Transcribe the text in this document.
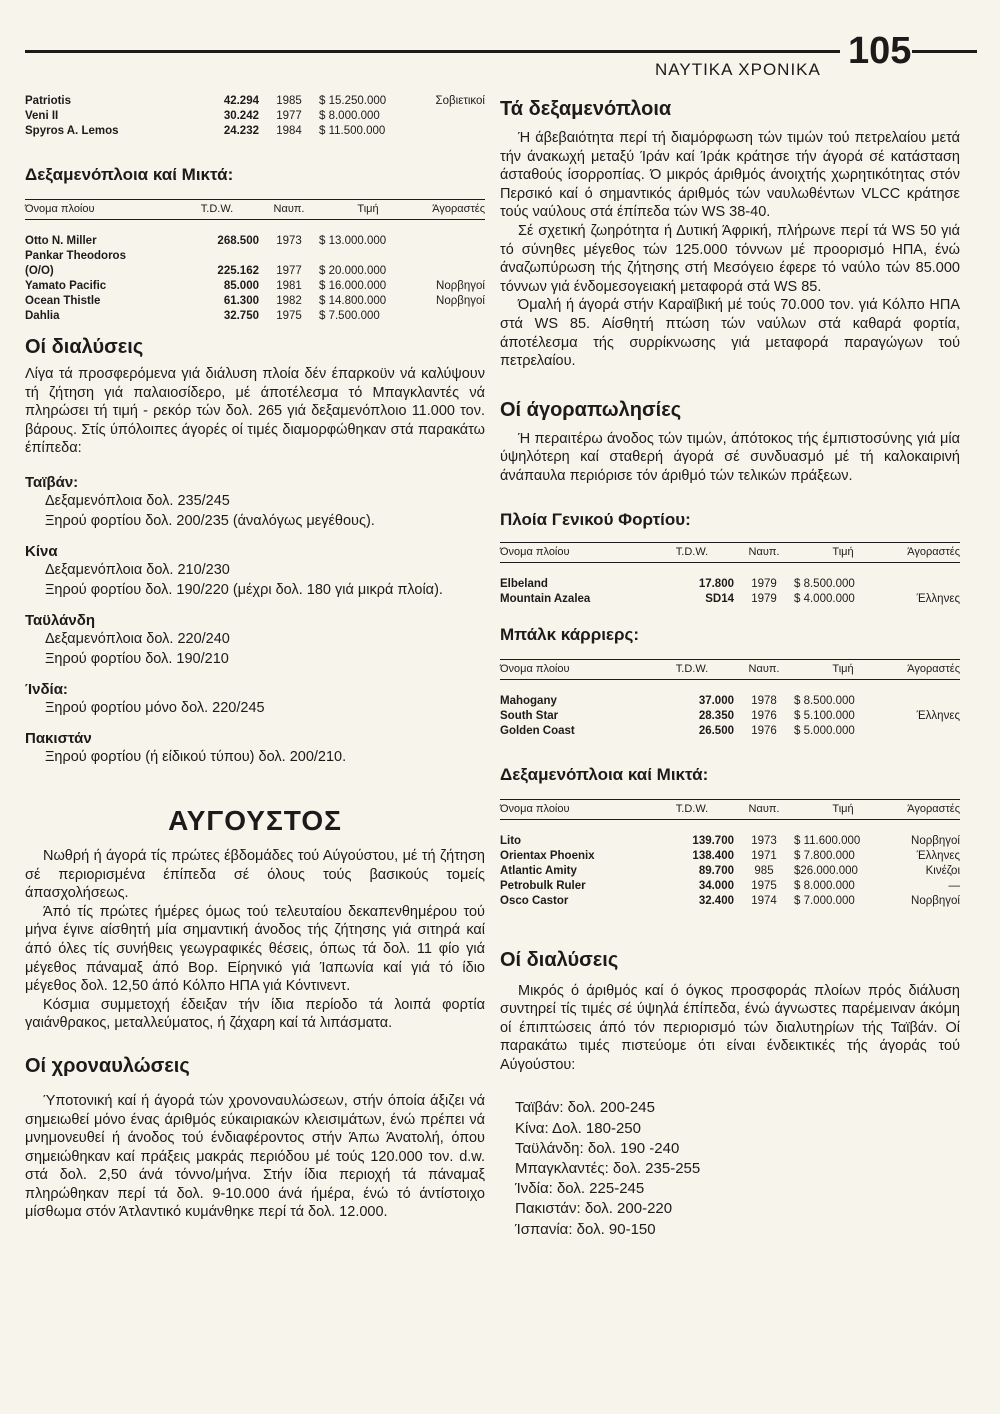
ΝΑΥΤΙΚΑ ΧΡΟΝΙΚΑ 105
Patriotis	42.294	1985	$ 15.250.000	Σοβιετικοί
Veni II	30.242	1977	$ 8.000.000	
Spyros A. Lemos	24.232	1984	$ 11.500.000	
Δεξαμενόπλοια καί Μικτά:
Όνομα πλοίου	T.D.W.	Ναυπ.	Τιμή	Άγοραστές

Otto N. Miller	268.500	1973	$ 13.000.000	
Pankar Theodoros				
(O/O)	225.162	1977	$ 20.000.000	
Yamato Pacific	85.000	1981	$ 16.000.000	Νορβηγοί
Ocean Thistle	61.300	1982	$ 14.800.000	Νορβηγοί
Dahlia	32.750	1975	$ 7.500.000	
Οί διαλύσεις

Λίγα τά προσφερόμενα γιά διάλυση πλοία δέν έπαρκοϋν νά καλύψουν τή ζήτηση γιά παλαιοσίδερο, μέ άποτέλεσμα τό Μπαγκλαντές νά πληρώσει τή τιμή - ρεκόρ τών δολ. 265 γιά δεξαμενόπλοιο 11.000 τον. βάρους. Στίς ύπόλοιπες άγορές οί τιμές διαμορφώθηκαν στά παρακάτω έπίπεδα:

Ταϊβάν:

Δεξαμενόπλοια δολ. 235/245

Ξηρού φορτίου δολ. 200/235 (άναλόγως μεγέθους).

Κίνα

Δεξαμενόπλοια δολ. 210/230

Ξηρού φορτίου δολ. 190/220 (μέχρι δολ. 180 γιά μικρά πλοία).

Ταϋλάνδη

Δεξαμενόπλοια δολ. 220/240

Ξηρού φορτίου δολ. 190/210

Ίνδία:

Ξηρού φορτίου μόνο δολ. 220/245

Πακιστάν

Ξηρού φορτίου (ή είδικού τύπου) δολ. 200/210.

ΑΥΓΟΥΣΤΟΣ

Νωθρή ή άγορά τίς πρώτες έβδομάδες τού Αύγούστου, μέ τή ζήτηση σέ περιορισμένα έπίπεδα σέ όλους τούς βασικούς τομείς άπασχολήσεως.

Άπό τίς πρώτες ήμέρες όμως τού τελευταίου δεκαπενθημέρου τού μήνα έγινε αίσθητή μία σημαντική άνοδος τής ζήτησης γιά σιτηρά καί άπό όλες τίς συνήθεις γεωγραφικές θέσεις, όπως τά δολ. 11 φίο γιά μέγεθος πάναμαξ άπό Βορ. Είρηνικό γιά Ίαπωνία καί γιά τό ίδιο μέγεθος δολ. 12,50 άπό Κόλπο ΗΠΑ γιά Κόντινεντ.

Κόσμια συμμετοχή έδειξαν τήν ίδια περίοδο τά λοιπά φορτία γαιάνθρακος, μεταλλεύματος, ή ζάχαρη καί τά λιπάσματα.

Οί χροναυλώσεις

Ύποτονική καί ή άγορά τών χρονοναυλώσεων, στήν όποία άξιζει νά σημειωθεί μόνο ένας άριθμός εύκαιριακών κλεισιμάτων, ένώ πρέπει νά μνημονευθεί ή άνοδος τού ένδιαφέροντος στήν Άπω Άνατολή, όπου σημειώθηκαν καί πράξεις μακράς περιόδου μέ τούς 120.000 τον. d.w. στά δολ. 2,50 άνά τόννο/μήνα. Στήν ίδια περιοχή τά πάναμαξ πληρώθηκαν περί τά δολ. 9-10.000 άνά ήμέρα, ένώ τό άντίστοιχο μίσθωμα στόν Άτλαντικό κυμάνθηκε περί τά δολ. 12.000.

Τά δεξαμενόπλοια

Ή άβεβαιότητα περί τή διαμόρφωση τών τιμών τού πετρελαίου μετά τήν άνακωχή μεταξύ Ίράν καί Ίράκ κράτησε τήν άγορά σέ κατάσταση άσταθούς ίσορροπίας. Ό μικρός άριθμός άνοιχτής χωρητικότητας στόν Περσικό καί ό σημαντικός άριθμός τών ναυλωθέντων VLCC κράτησε τούς ναύλους στά έπίπεδα τών WS 38-40.

Σέ σχετική ζωηρότητα ή Δυτική Άφρική, πλήρωνε περί τά WS 50 γιά τό σύνηθες μέγεθος τών 125.000 τόννων μέ προορισμό ΗΠΑ, ένώ άναζωπύρωση τής ζήτησης στή Μεσόγειο έφερε τό ναύλο τών 85.000 τόννων γιά ένδομεσογειακή μεταφορά στά WS 85.

Όμαλή ή άγορά στήν Καραϊβική μέ τούς 70.000 τον. γιά Κόλπο ΗΠΑ στά WS 85. Αίσθητή πτώση τών ναύλων στά καθαρά φορτία, άποτέλεσμα τής συρρίκνωσης γιά μεταφορά παραγώγων τού πετρελαίου.

Οί άγοραπωλησίες

Ή περαιτέρω άνοδος τών τιμών, άπότοκος τής έμπιστοσύνης γιά μία ύψηλότερη καί σταθερή άγορά σέ συνδυασμό μέ τή καλοκαιρινή άνάπαυλα περιόρισε τόν άριθμό τών τελικών πράξεων.

Πλοία Γενικού Φορτίου:
Όνομα πλοίου	T.D.W.	Ναυπ.	Τιμή	Άγοραστές

Elbeland	17.800	1979	$ 8.500.000	
Mountain Azalea	SD14	1979	$ 4.000.000	Έλληνες
Μπάλκ κάρριερς:
Όνομα πλοίου	T.D.W.	Ναυπ.	Τιμή	Άγοραστές

Mahogany	37.000	1978	$ 8.500.000	
South Star	28.350	1976	$ 5.100.000	Έλληνες
Golden Coast	26.500	1976	$ 5.000.000	
Δεξαμενόπλοια καί Μικτά:
Όνομα πλοίου	T.D.W.	Ναυπ.	Τιμή	Άγοραστές

Lito	139.700	1973	$ 11.600.000	Νορβηγοί
Orientax Phoenix	138.400	1971	$ 7.800.000	Έλληνες
Atlantic Amity	89.700	985	$26.000.000	Κινέζοι
Petrobulk Ruler	34.000	1975	$ 8.000.000	—
Osco Castor	32.400	1974	$ 7.000.000	Νορβηγοί
Οί διαλύσεις

Μικρός ό άριθμός καί ό όγκος προσφοράς πλοίων πρός διάλυση συντηρεί τίς τιμές σέ ύψηλά έπίπεδα, ένώ άγνωστες παρέμειναν άκόμη οί έπιπτώσεις άπό τόν περιορισμό τών διαλυτηρίων τής Ταϊβάν. Οί παρακάτω τιμές πιστεύομε ότι είναι ένδεικτικές τής άγοράς τού Αύγούστου:

Ταϊβάν: δολ. 200-245

Κίνα: Δολ. 180-250

Ταϋλάνδη: δολ. 190 -240

Μπαγκλαντές: δολ. 235-255

Ίνδία: δολ. 225-245

Πακιστάν: δολ. 200-220

Ίσπανία: δολ. 90-150
